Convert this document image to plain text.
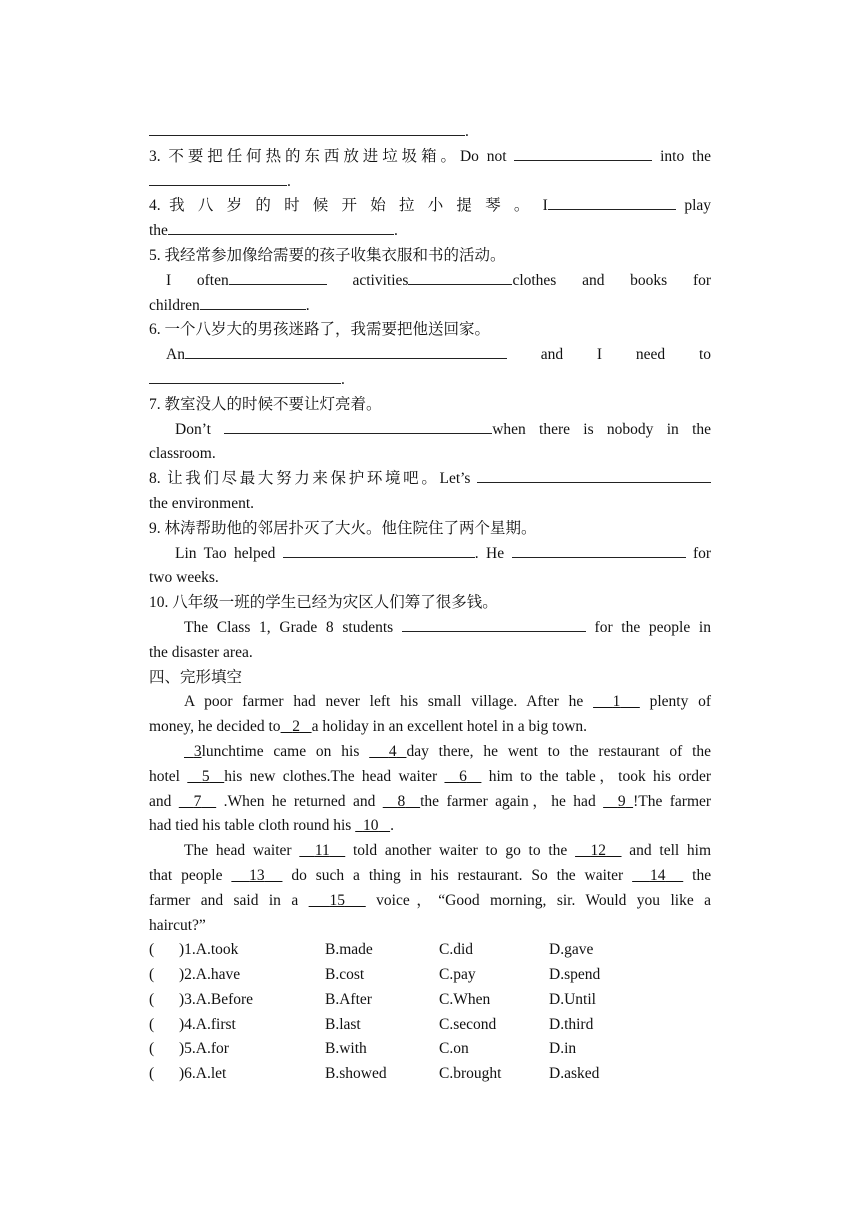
.
3. 不要把任何热的东西放进垃圾箱。Do not	into the
.
4. 我 八 岁 的 时 候 开 始 拉 小 提 琴 。 I	play
the	.
5. 我经常参加像给需要的孩子收集衣服和书的活动。
I often	activities	clothes and books for
children	.
6. 一个八岁大的男孩迷路了，我需要把他送回家。
An	and I need to
.
7. 教室没人的时候不要让灯亮着。
Don’t	when there is nobody in the
classroom.
8. 让我们尽最大努力来保护环境吧。Let’s
the environment.
9. 林涛帮助他的邻居扑灭了大火。他住院住了两个星期。
Lin Tao helped	. He	for
two weeks.
10. 八年级一班的学生已经为灾区人们筹了很多钱。
The Class 1, Grade 8 students	for the people in
the disaster area.
四、完形填空
A poor farmer had never left his small village. After he 1 plenty of
money, he decided to 2 a holiday in an excellent hotel in a big town.
3lunchtime came on his 4 day there, he went to the restaurant of the
hotel 5 his new clothes.The head waiter 6 him to the table，took his order
and 7 .When he returned and 8 the farmer again，he had 9 !The farmer
had tied his table cloth round his 10 .
The head waiter 11 told another waiter to go to the 12 and tell him
that people 13 do such a thing in his restaurant. So the waiter 14 the
farmer and said in a 15 voice，“Good morning, sir. Would you like a
haircut?”
(	)1.A.took	B.made	C.did	D.gave
(	)2.A.have	B.cost	C.pay	D.spend
(	)3.A.Before	B.After	C.When	D.Until
(	)4.A.first	B.last	C.second	D.third
(	)5.A.for	B.with	C.on	D.in
(	)6.A.let	B.showed	C.brought	D.asked
